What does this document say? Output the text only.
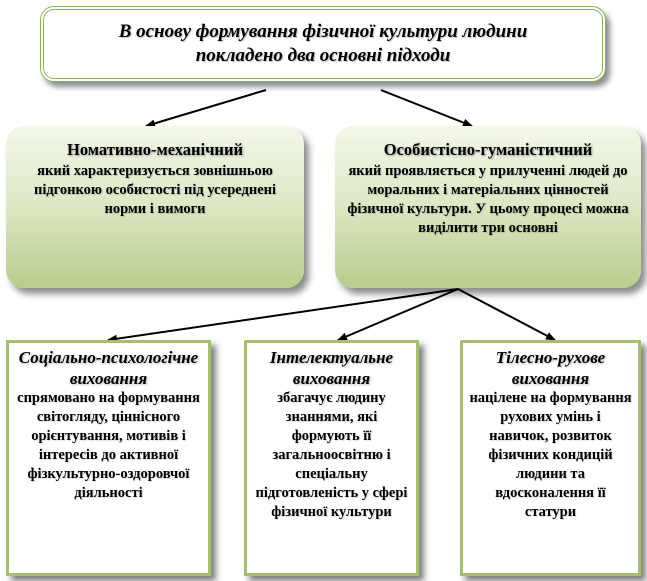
В основу формування фізичної культури людини
покладено два основні підходи
Номативно-механічний
який характеризується зовнішньою підгонкою особистості під усереднені норми і вимоги
Особистісно-гуманістичний
який проявляється у прилученні людей до моральних і матеріальних цінностей фізичної культури. У цьому процесі можна виділити три основні
Соціально-психологічне виховання
спрямовано на формування світогляду, ціннісного орієнтування, мотивів і інтересів до активної фізкультурно-оздоровчої діяльності
Інтелектуальне виховання
збагачує людину знаннями, які формують її загальноосвітню і спеціальну підготовленість у сфері фізичної культури
Тілесно-рухове виховання
націлене на формування рухових умінь і навичок, розвиток фізичних кондицій людини та вдосконалення її статури
